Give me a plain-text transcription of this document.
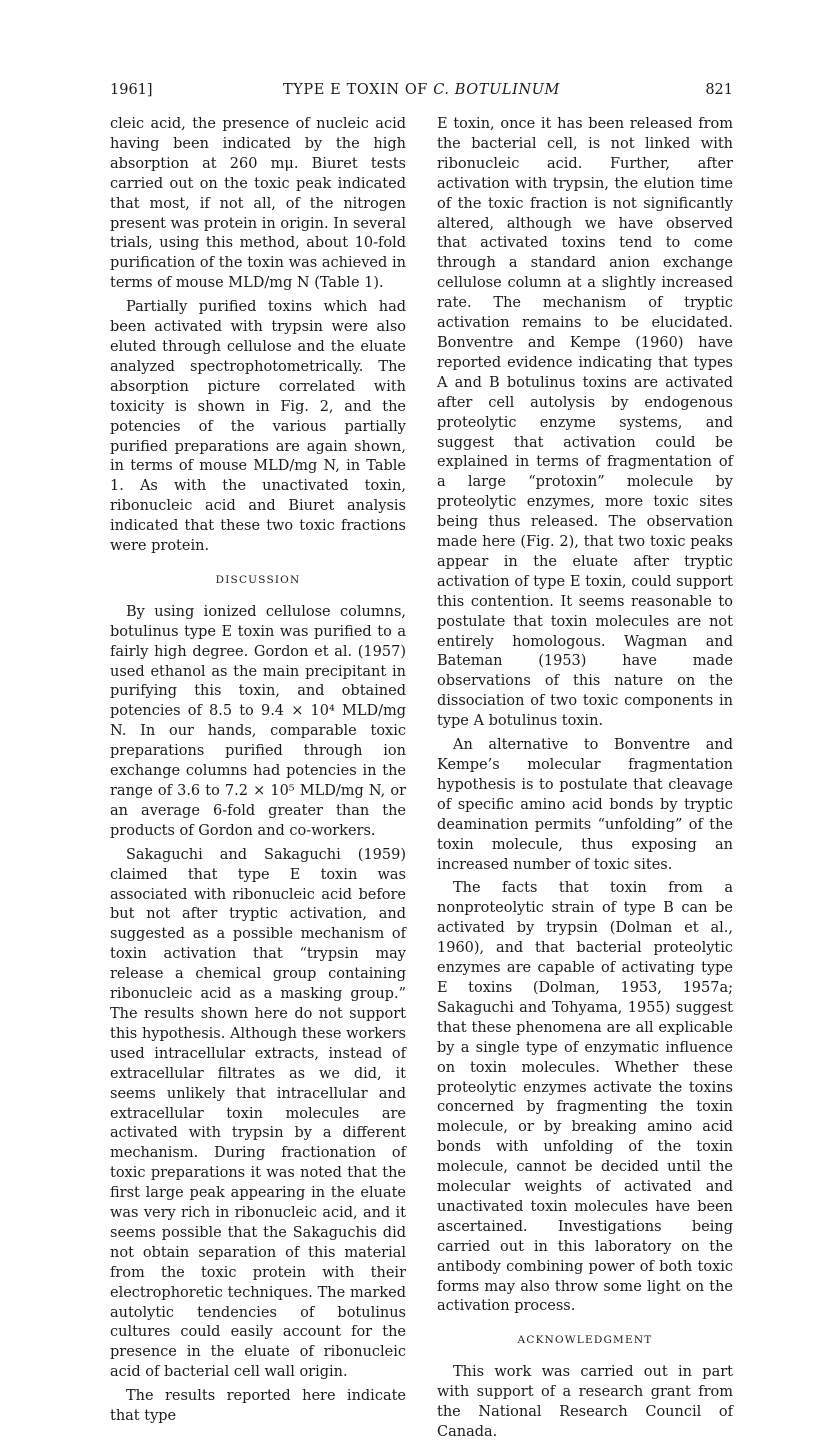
1961]	TYPE E TOXIN OF C. BOTULINUM	821

cleic acid, the presence of nucleic acid having been indicated by the high absorption at 260 mμ. Biuret tests carried out on the toxic peak indicated that most, if not all, of the nitrogen present was protein in origin. In several trials, using this method, about 10-fold purification of the toxin was achieved in terms of mouse MLD/mg N (Table 1).

Partially purified toxins which had been activated with trypsin were also eluted through cellulose and the eluate analyzed spectrophotometrically. The absorption picture correlated with toxicity is shown in Fig. 2, and the potencies of the various partially purified preparations are again shown, in terms of mouse MLD/mg N, in Table 1. As with the unactivated toxin, ribonucleic acid and Biuret analysis indicated that these two toxic fractions were protein.

DISCUSSION

By using ionized cellulose columns, botulinus type E toxin was purified to a fairly high degree. Gordon et al. (1957) used ethanol as the main precipitant in purifying this toxin, and obtained potencies of 8.5 to 9.4 × 10⁴ MLD/mg N. In our hands, comparable toxic preparations purified through ion exchange columns had potencies in the range of 3.6 to 7.2 × 10⁵ MLD/mg N, or an average 6-fold greater than the products of Gordon and co-workers.

Sakaguchi and Sakaguchi (1959) claimed that type E toxin was associated with ribonucleic acid before but not after tryptic activation, and suggested as a possible mechanism of toxin activation that “trypsin may release a chemical group containing ribonucleic acid as a masking group.” The results shown here do not support this hypothesis. Although these workers used intracellular extracts, instead of extracellular filtrates as we did, it seems unlikely that intracellular and extracellular toxin molecules are activated with trypsin by a different mechanism. During fractionation of toxic preparations it was noted that the first large peak appearing in the eluate was very rich in ribonucleic acid, and it seems possible that the Sakaguchis did not obtain separation of this material from the toxic protein with their electrophoretic techniques. The marked autolytic tendencies of botulinus cultures could easily account for the presence in the eluate of ribonucleic acid of bacterial cell wall origin.

The results reported here indicate that type

E toxin, once it has been released from the bacterial cell, is not linked with ribonucleic acid. Further, after activation with trypsin, the elution time of the toxic fraction is not significantly altered, although we have observed that activated toxins tend to come through a standard anion exchange cellulose column at a slightly increased rate. The mechanism of tryptic activation remains to be elucidated. Bonventre and Kempe (1960) have reported evidence indicating that types A and B botulinus toxins are activated after cell autolysis by endogenous proteolytic enzyme systems, and suggest that activation could be explained in terms of fragmentation of a large “protoxin” molecule by proteolytic enzymes, more toxic sites being thus released. The observation made here (Fig. 2), that two toxic peaks appear in the eluate after tryptic activation of type E toxin, could support this contention. It seems reasonable to postulate that toxin molecules are not entirely homologous. Wagman and Bateman (1953) have made observations of this nature on the dissociation of two toxic components in type A botulinus toxin.

An alternative to Bonventre and Kempe’s molecular fragmentation hypothesis is to postulate that cleavage of specific amino acid bonds by tryptic deamination permits “unfolding” of the toxin molecule, thus exposing an increased number of toxic sites.

The facts that toxin from a nonproteolytic strain of type B can be activated by trypsin (Dolman et al., 1960), and that bacterial proteolytic enzymes are capable of activating type E toxins (Dolman, 1953, 1957a; Sakaguchi and Tohyama, 1955) suggest that these phenomena are all explicable by a single type of enzymatic influence on toxin molecules. Whether these proteolytic enzymes activate the toxins concerned by fragmenting the toxin molecule, or by breaking amino acid bonds with unfolding of the toxin molecule, cannot be decided until the molecular weights of activated and unactivated toxin molecules have been ascertained. Investigations being carried out in this laboratory on the antibody combining power of both toxic forms may also throw some light on the activation process.

ACKNOWLEDGMENT

This work was carried out in part with support of a research grant from the National Research Council of Canada.
